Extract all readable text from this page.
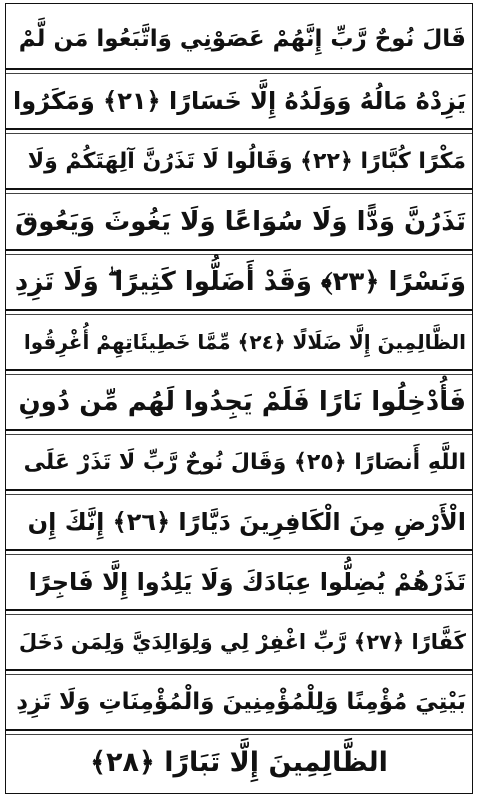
قَالَ نُوحٌ رَّبِّ إِنَّهُمْ عَصَوْنِي وَاتَّبَعُوا مَن لَّمْ
يَزِدْهُ مَالُهُ وَوَلَدُهُ إِلَّا خَسَارًا ﴿٢١﴾ وَمَكَرُوا
مَكْرًا كُبَّارًا ﴿٢٢﴾ وَقَالُوا لَا تَذَرُنَّ آلِهَتَكُمْ وَلَا
تَذَرُنَّ وَدًّا وَلَا سُوَاعًا وَلَا يَغُوثَ وَيَعُوقَ
وَنَسْرًا ﴿٢٣﴾ وَقَدْ أَضَلُّوا كَثِيرًا ۖ وَلَا تَزِدِ
الظَّالِمِينَ إِلَّا ضَلَالًا ﴿٢٤﴾ مِّمَّا خَطِيئَاتِهِمْ أُغْرِقُوا
فَأُدْخِلُوا نَارًا فَلَمْ يَجِدُوا لَهُم مِّن دُونِ
اللَّهِ أَنصَارًا ﴿٢٥﴾ وَقَالَ نُوحٌ رَّبِّ لَا تَذَرْ عَلَى
الْأَرْضِ مِنَ الْكَافِرِينَ دَيَّارًا ﴿٢٦﴾ إِنَّكَ إِن
تَذَرْهُمْ يُضِلُّوا عِبَادَكَ وَلَا يَلِدُوا إِلَّا فَاجِرًا
كَفَّارًا ﴿٢٧﴾ رَّبِّ اغْفِرْ لِي وَلِوَالِدَيَّ وَلِمَن دَخَلَ
بَيْتِيَ مُؤْمِنًا وَلِلْمُؤْمِنِينَ وَالْمُؤْمِنَاتِ وَلَا تَزِدِ
الظَّالِمِينَ إِلَّا تَبَارًا ﴿٢٨﴾
